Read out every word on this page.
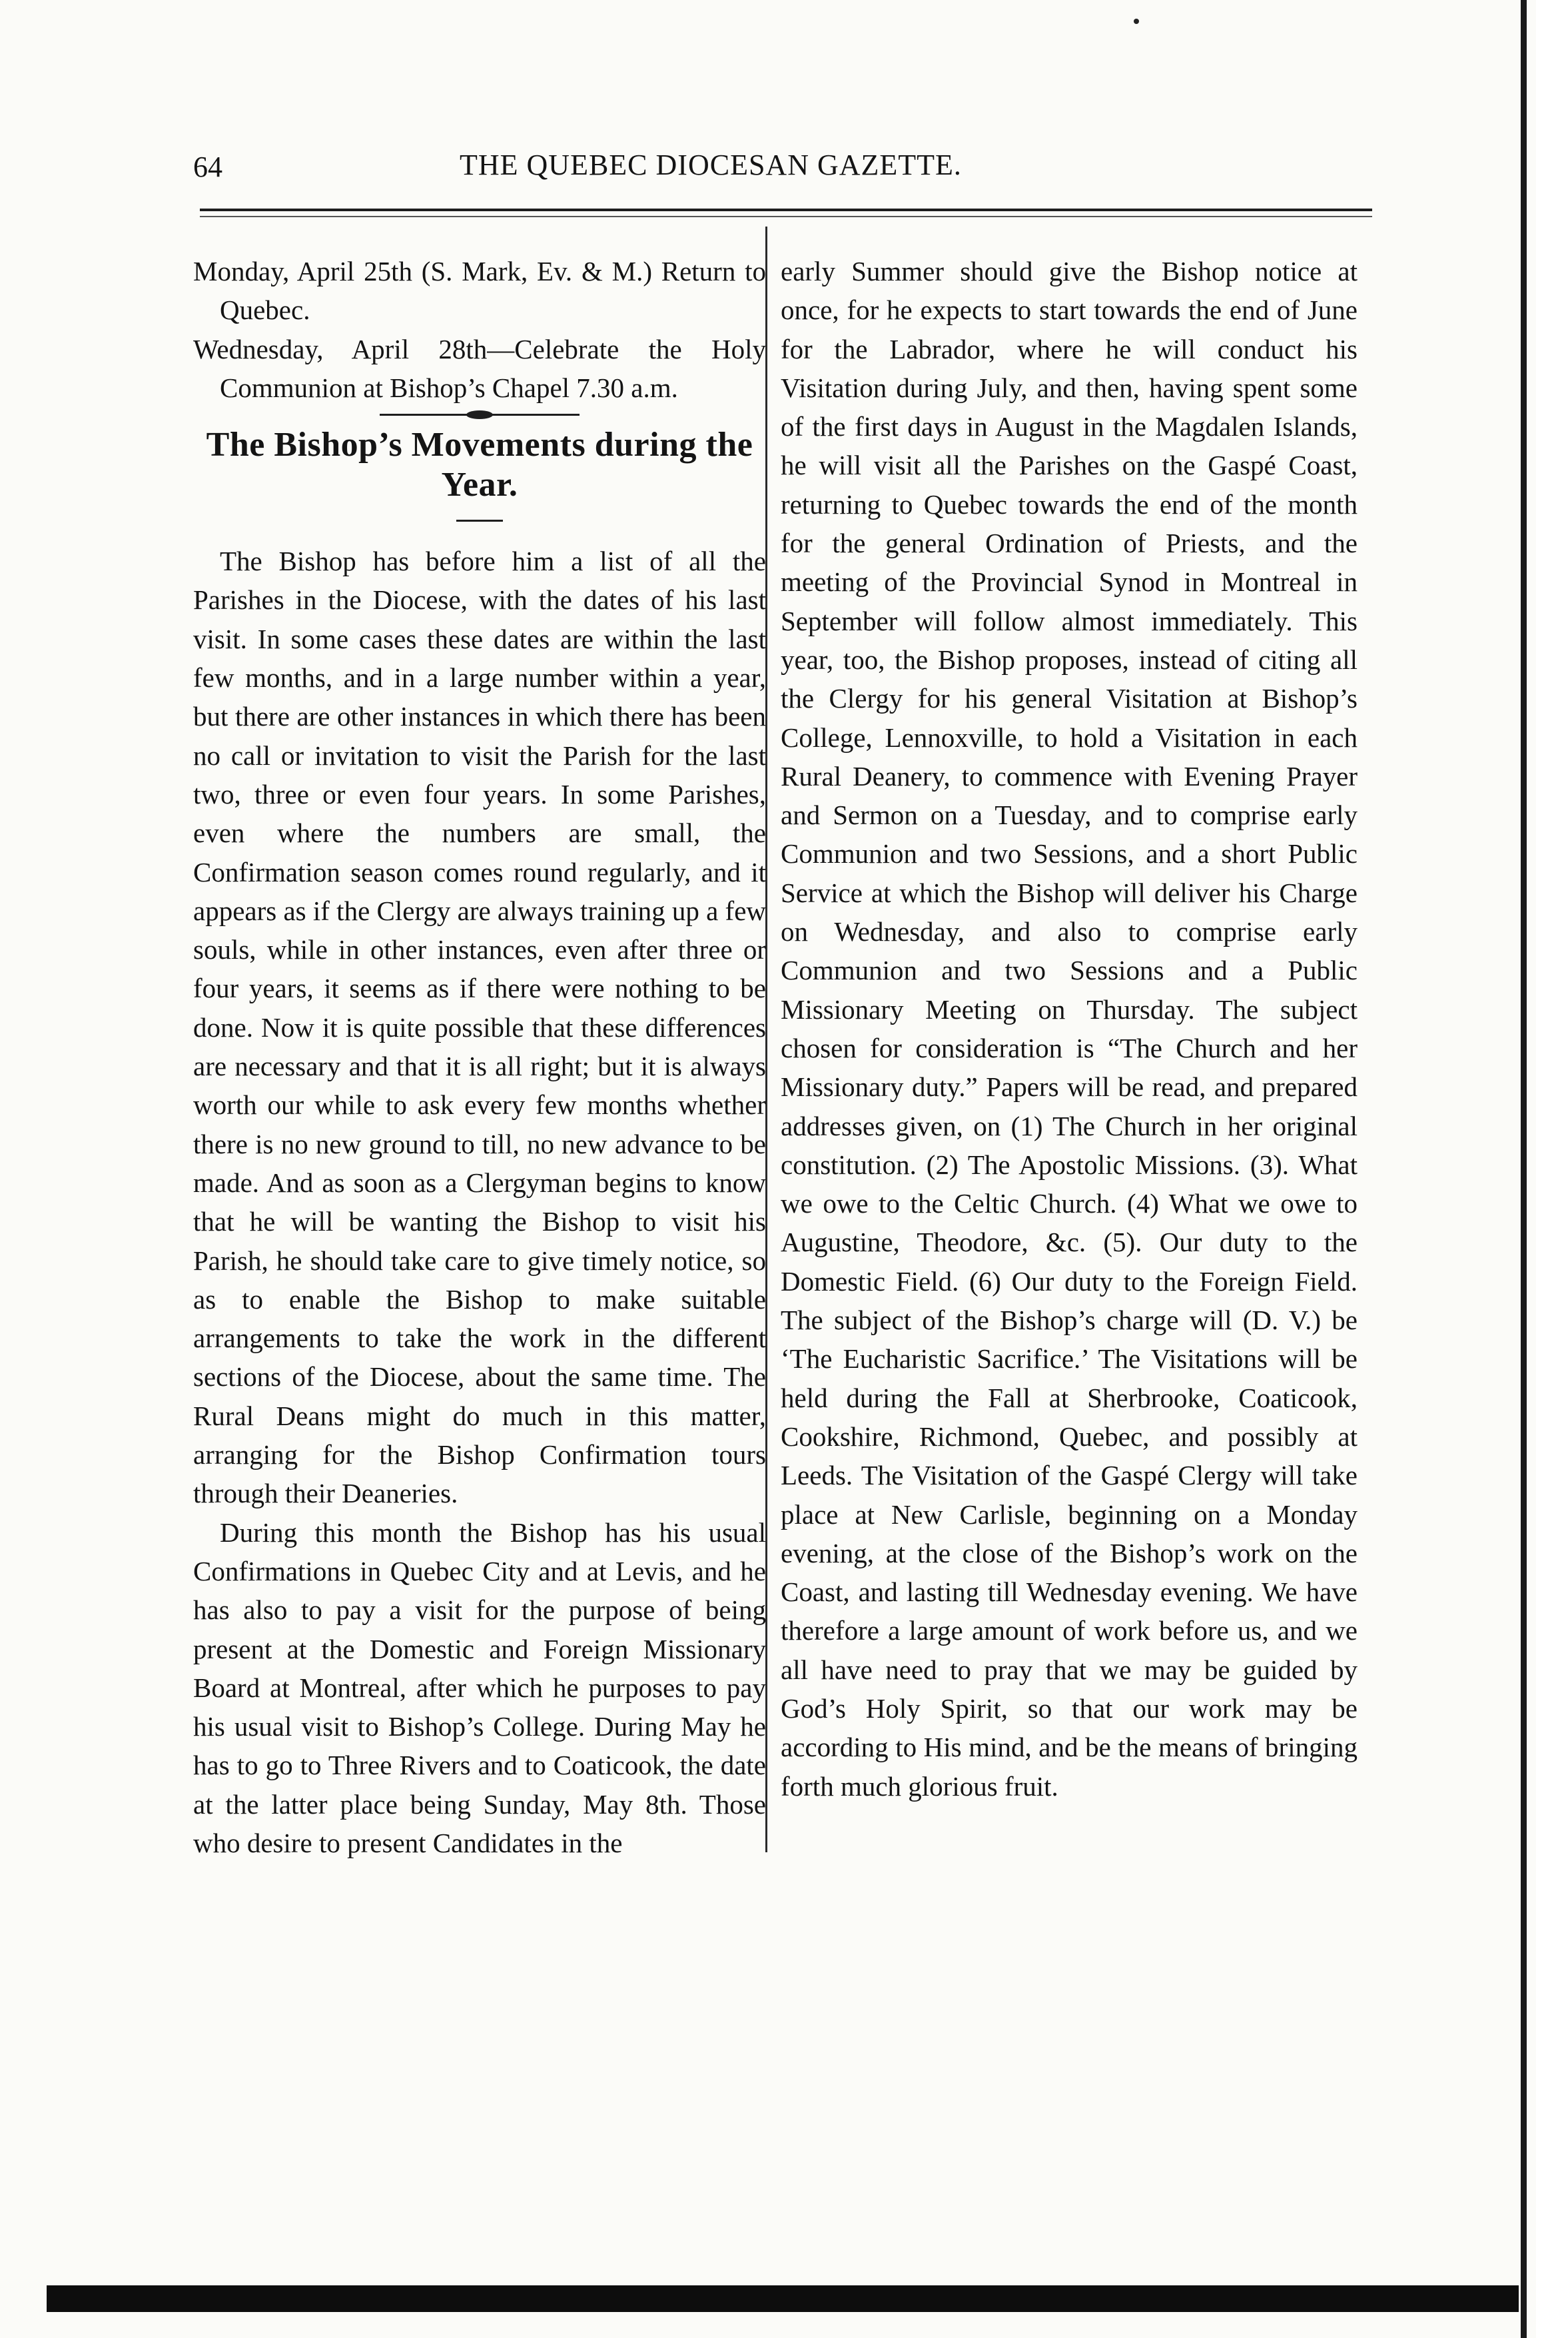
64	THE QUEBEC DIOCESAN GAZETTE.

Monday, April 25th (S. Mark, Ev. & M.) Return to Quebec.

Wednesday, April 28th—Celebrate the Holy Communion at Bishop’s Chapel 7.30 a.m.

The Bishop’s Movements during the Year.

The Bishop has before him a list of all the Parishes in the Diocese, with the dates of his last visit. In some cases these dates are within the last few months, and in a large number within a year, but there are other instances in which there has been no call or invitation to visit the Parish for the last two, three or even four years. In some Parishes, even where the numbers are small, the Confirmation season comes round regularly, and it appears as if the Clergy are always training up a few souls, while in other instances, even after three or four years, it seems as if there were nothing to be done. Now it is quite possible that these differences are necessary and that it is all right; but it is always worth our while to ask every few months whether there is no new ground to till, no new advance to be made. And as soon as a Clergyman begins to know that he will be wanting the Bishop to visit his Parish, he should take care to give timely notice, so as to enable the Bishop to make suitable arrangements to take the work in the different sections of the Diocese, about the same time. The Rural Deans might do much in this matter, arranging for the Bishop Confirmation tours through their Deaneries.

During this month the Bishop has his usual Confirmations in Quebec City and at Levis, and he has also to pay a visit for the purpose of being present at the Domestic and Foreign Missionary Board at Montreal, after which he purposes to pay his usual visit to Bishop’s College. During May he has to go to Three Rivers and to Coaticook, the date at the latter place being Sunday, May 8th. Those who desire to present Candidates in the

early Summer should give the Bishop notice at once, for he expects to start towards the end of June for the Labrador, where he will conduct his Visitation during July, and then, having spent some of the first days in August in the Magdalen Islands, he will visit all the Parishes on the Gaspé Coast, returning to Quebec towards the end of the month for the general Ordination of Priests, and the meeting of the Provincial Synod in Montreal in September will follow almost immediately. This year, too, the Bishop proposes, instead of citing all the Clergy for his general Visitation at Bishop’s College, Lennoxville, to hold a Visitation in each Rural Deanery, to commence with Evening Prayer and Sermon on a Tuesday, and to comprise early Communion and two Sessions, and a short Public Service at which the Bishop will deliver his Charge on Wednesday, and also to comprise early Communion and two Sessions and a Public Missionary Meeting on Thursday. The subject chosen for consideration is “The Church and her Missionary duty.” Papers will be read, and prepared addresses given, on (1) The Church in her original constitution. (2) The Apostolic Missions. (3). What we owe to the Celtic Church. (4) What we owe to Augustine, Theodore, &c. (5). Our duty to the Domestic Field. (6) Our duty to the Foreign Field. The subject of the Bishop’s charge will (D. V.) be ‘The Eucharistic Sacrifice.’ The Visitations will be held during the Fall at Sherbrooke, Coaticook, Cookshire, Richmond, Quebec, and possibly at Leeds. The Visitation of the Gaspé Clergy will take place at New Carlisle, beginning on a Monday evening, at the close of the Bishop’s work on the Coast, and lasting till Wednesday evening. We have therefore a large amount of work before us, and we all have need to pray that we may be guided by God’s Holy Spirit, so that our work may be according to His mind, and be the means of bringing forth much glorious fruit.
